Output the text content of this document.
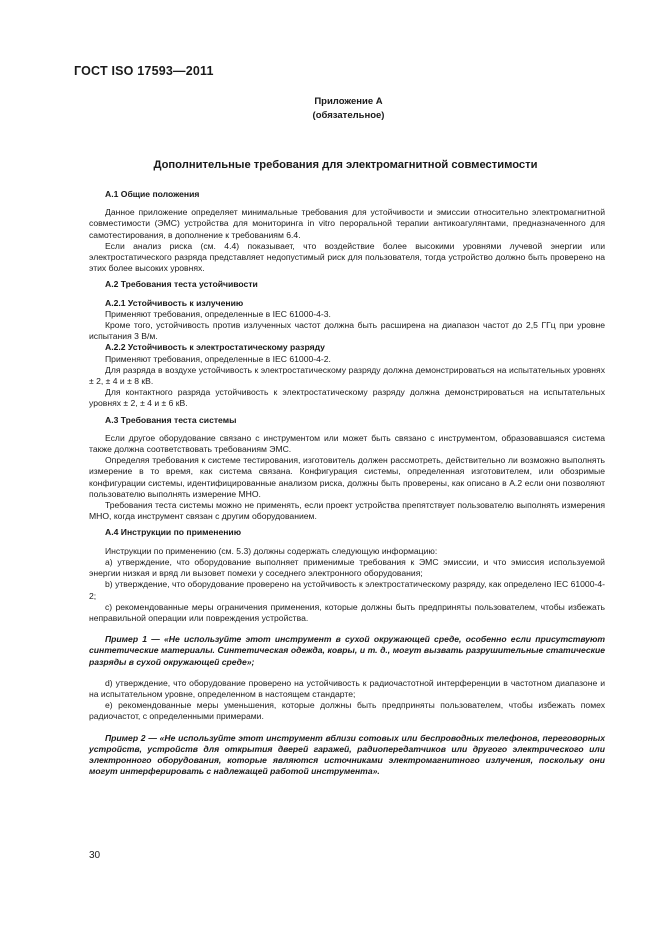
ГОСТ ISO 17593—2011
Приложение А
(обязательное)
Дополнительные требования для электромагнитной совместимости

А.1 Общие положения

Данное приложение определяет минимальные требования для устойчивости и эмиссии относительно электромагнитной совместимости (ЭМС) устройства для мониторинга in vitro пероральной терапии антикоагулянтами, предназначенного для самотестирования, в дополнение к требованиям 6.4.

Если анализ риска (см. 4.4) показывает, что воздействие более высокими уровнями лучевой энергии или электростатического разряда представляет недопустимый риск для пользователя, тогда устройство должно быть проверено на этих более высоких уровнях.

А.2 Требования теста устойчивости

А.2.1 Устойчивость к излучению

Применяют требования, определенные в IEC 61000-4-3.

Кроме того, устойчивость против излученных частот должна быть расширена на диапазон частот до 2,5 ГГц при уровне испытания 3 В/м.

А.2.2 Устойчивость к электростатическому разряду

Применяют требования, определенные в IEC 61000-4-2.

Для разряда в воздухе устойчивость к электростатическому разряду должна демонстрироваться на испытательных уровнях ± 2, ± 4 и ± 8 кВ.

Для контактного разряда устойчивость к электростатическому разряду должна демонстрироваться на испытательных уровнях ± 2, ± 4 и ± 6 кВ.

А.3 Требования теста системы

Если другое оборудование связано с инструментом или может быть связано с инструментом, образовавшаяся система также должна соответствовать требованиям ЭМС.

Определяя требования к системе тестирования, изготовитель должен рассмотреть, действительно ли возможно выполнять измерение в то время, как система связана. Конфигурация системы, определенная изготовителем, или обозримые конфигурации системы, идентифицированные анализом риска, должны быть проверены, как описано в А.2 если они позволяют пользователю выполнять измерение МНО.

Требования теста системы можно не применять, если проект устройства препятствует пользователю выполнять измерения МНО, когда инструмент связан с другим оборудованием.

А.4 Инструкции по применению

Инструкции по применению (см. 5.3) должны содержать следующую информацию:

a) утверждение, что оборудование выполняет применимые требования к ЭМС эмиссии, и что эмиссия используемой энергии низкая и вряд ли вызовет помехи у соседнего электронного оборудования;

b) утверждение, что оборудование проверено на устойчивость к электростатическому разряду, как определено IEC 61000-4-2;

c) рекомендованные меры ограничения применения, которые должны быть предприняты пользователем, чтобы избежать неправильной операции или повреждения устройства.

Пример 1 — «Не используйте этот инструмент в сухой окружающей среде, особенно если присутствуют синтетические материалы. Синтетическая одежда, ковры, и т. д., могут вызвать разрушительные статические разряды в сухой окружающей среде»;

d) утверждение, что оборудование проверено на устойчивость к радиочастотной интерференции в частотном диапазоне и на испытательном уровне, определенном в настоящем стандарте;

e) рекомендованные меры уменьшения, которые должны быть предприняты пользователем, чтобы избежать помех радиочастот, с определенными примерами.

Пример 2 — «Не используйте этот инструмент вблизи сотовых или беспроводных телефонов, переговорных устройств, устройств для открытия дверей гаражей, радиопередатчиков или другого электрического или электронного оборудования, которые являются источниками электромагнитного излучения, поскольку они могут интерферировать с надлежащей работой инструмента».

30
